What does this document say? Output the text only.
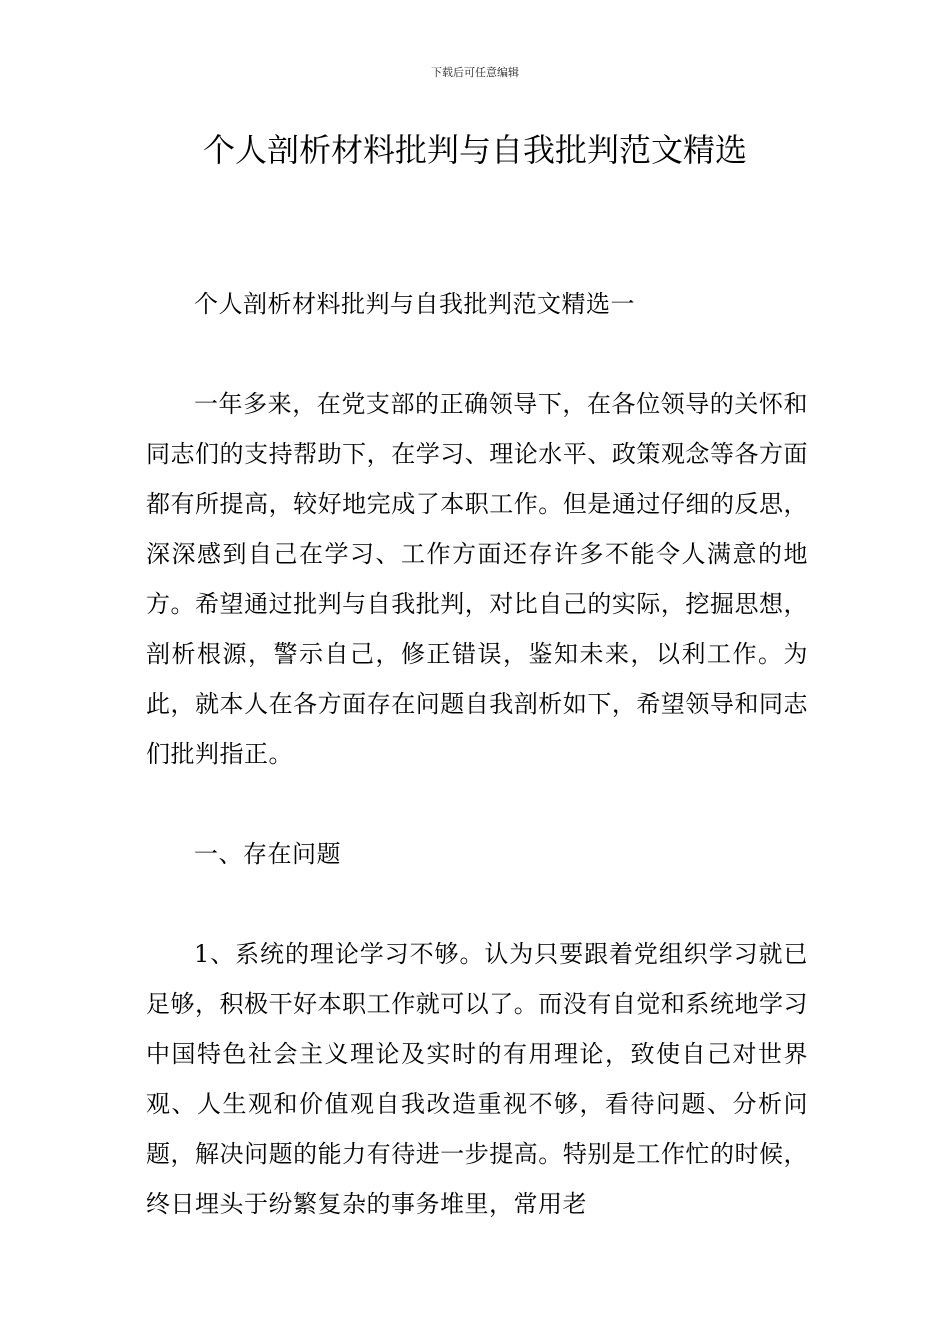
下载后可任意编辑
个人剖析材料批判与自我批判范文精选

个人剖析材料批判与自我批判范文精选一

一年多来，在党支部的正确领导下，在各位领导的关怀和同志们的支持帮助下，在学习、理论水平、政策观念等各方面都有所提高，较好地完成了本职工作。但是通过仔细的反思，深深感到自己在学习、工作方面还存许多不能令人满意的地方。希望通过批判与自我批判，对比自己的实际，挖掘思想，剖析根源，警示自己，修正错误，鉴知未来，以利工作。为此，就本人在各方面存在问题自我剖析如下，希望领导和同志们批判指正。

一、存在问题

1、系统的理论学习不够。认为只要跟着党组织学习就已足够，积极干好本职工作就可以了。而没有自觉和系统地学习中国特色社会主义理论及实时的有用理论，致使自己对世界观、人生观和价值观自我改造重视不够，看待问题、分析问题，解决问题的能力有待进一步提高。特别是工作忙的时候，终日埋头于纷繁复杂的事务堆里，常用老
